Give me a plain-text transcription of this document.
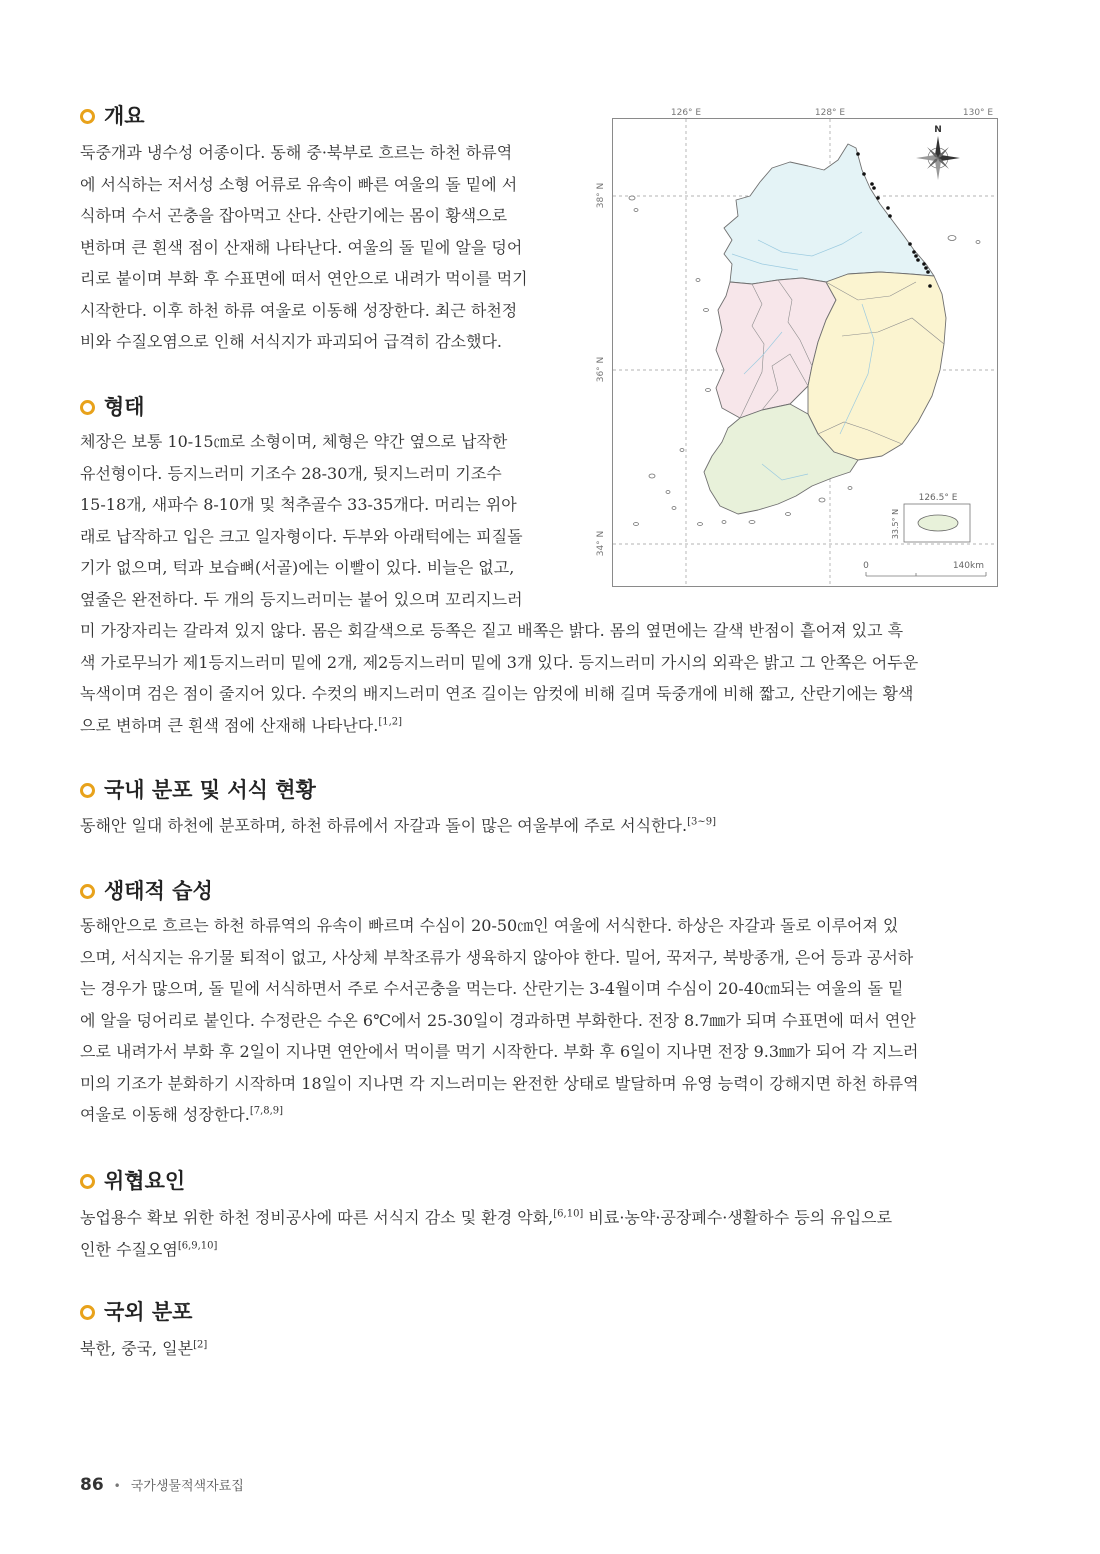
개요

둑중개과 냉수성 어종이다. 동해 중·북부로 흐르는 하천 하류역
에 서식하는 저서성 소형 어류로 유속이 빠른 여울의 돌 밑에 서
식하며 수서 곤충을 잡아먹고 산다. 산란기에는 몸이 황색으로
변하며 큰 흰색 점이 산재해 나타난다. 여울의 돌 밑에 알을 덩어
리로 붙이며 부화 후 수표면에 떠서 연안으로 내려가 먹이를 먹기
시작한다. 이후 하천 하류 여울로 이동해 성장한다. 최근 하천정
비와 수질오염으로 인해 서식지가 파괴되어 급격히 감소했다.

형태

체장은 보통 10-15㎝로 소형이며, 체형은 약간 옆으로 납작한
유선형이다. 등지느러미 기조수 28-30개, 뒷지느러미 기조수
15-18개, 새파수 8-10개 및 척추골수 33-35개다. 머리는 위아
래로 납작하고 입은 크고 일자형이다. 두부와 아래턱에는 피질돌
기가 없으며, 턱과 보습뼈(서골)에는 이빨이 있다. 비늘은 없고,
옆줄은 완전하다. 두 개의 등지느러미는 붙어 있으며 꼬리지느러
미 가장자리는 갈라져 있지 않다. 몸은 회갈색으로 등쪽은 짙고 배쪽은 밝다. 몸의 옆면에는 갈색 반점이 흩어져 있고 흑
색 가로무늬가 제1등지느러미 밑에 2개, 제2등지느러미 밑에 3개 있다. 등지느러미 가시의 외곽은 밝고 그 안쪽은 어두운
녹색이며 검은 점이 줄지어 있다. 수컷의 배지느러미 연조 길이는 암컷에 비해 길며 둑중개에 비해 짧고, 산란기에는 황색
으로 변하며 큰 흰색 점에 산재해 나타난다.[1,2]

국내 분포 및 서식 현황

동해안 일대 하천에 분포하며, 하천 하류에서 자갈과 돌이 많은 여울부에 주로 서식한다.[3~9]

생태적 습성

동해안으로 흐르는 하천 하류역의 유속이 빠르며 수심이 20-50㎝인 여울에 서식한다. 하상은 자갈과 돌로 이루어져 있
으며, 서식지는 유기물 퇴적이 없고, 사상체 부착조류가 생육하지 않아야 한다. 밀어, 꾹저구, 북방종개, 은어 등과 공서하
는 경우가 많으며, 돌 밑에 서식하면서 주로 수서곤충을 먹는다. 산란기는 3-4월이며 수심이 20-40㎝되는 여울의 돌 밑
에 알을 덩어리로 붙인다. 수정란은 수온 6℃에서 25-30일이 경과하면 부화한다. 전장 8.7㎜가 되며 수표면에 떠서 연안
으로 내려가서 부화 후 2일이 지나면 연안에서 먹이를 먹기 시작한다. 부화 후 6일이 지나면 전장 9.3㎜가 되어 각 지느러
미의 기조가 분화하기 시작하며 18일이 지나면 각 지느러미는 완전한 상태로 발달하며 유영 능력이 강해지면 하천 하류역
여울로 이동해 성장한다.[7,8,9]

위협요인

농업용수 확보 위한 하천 정비공사에 따른 서식지 감소 및 환경 악화,[6,10] 비료·농약·공장폐수·생활하수 등의 유입으로
인한 수질오염[6,9,10]

국외 분포

북한, 중국, 일본[2]

126° E	128° E	130° E
38° N
36° N
34° N
N
126.5° E
33.5° N
0	140km
86 • 국가생물적색자료집
